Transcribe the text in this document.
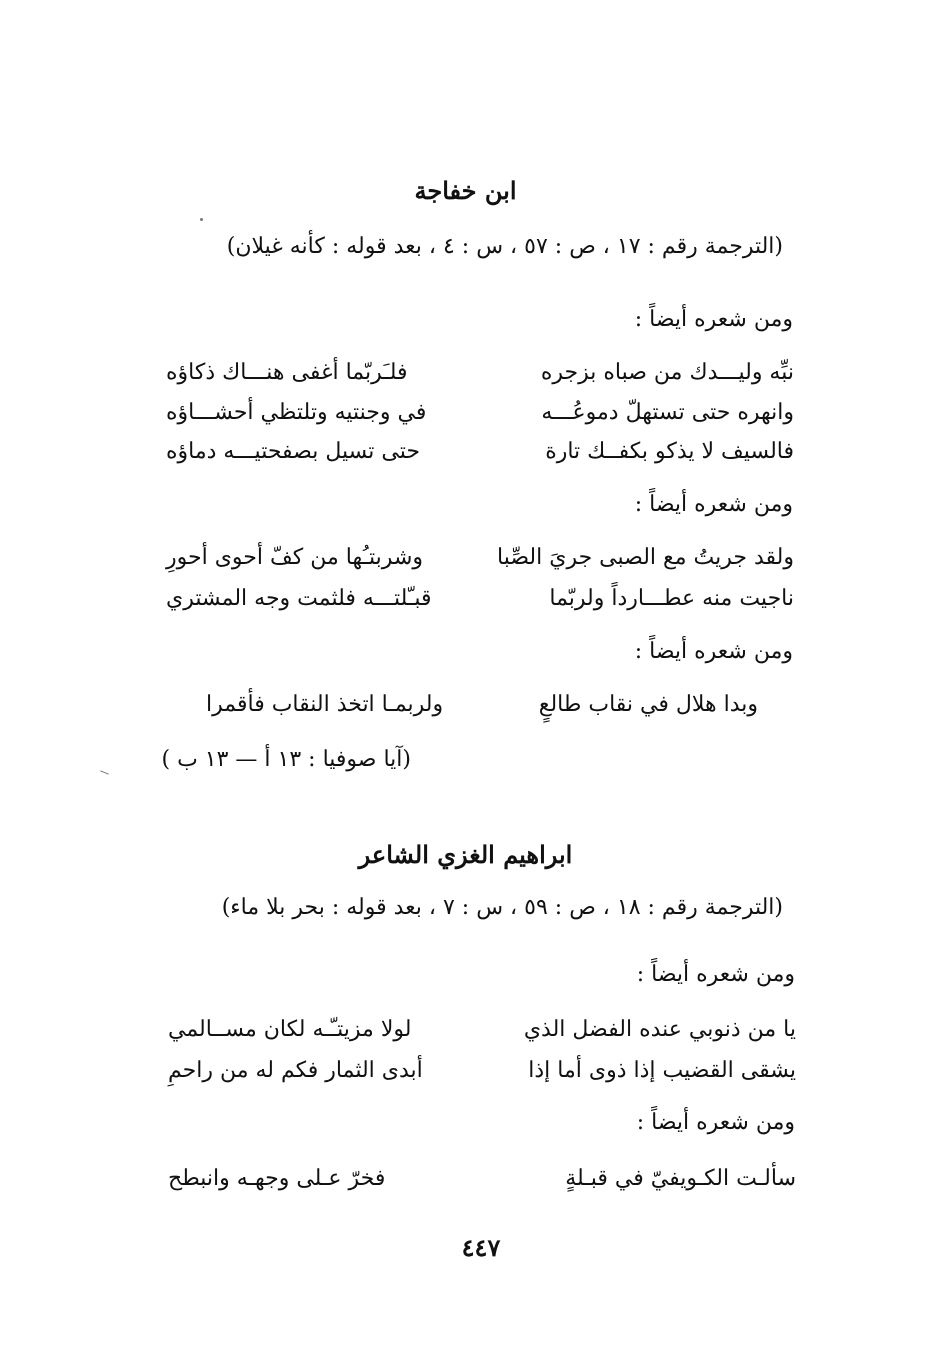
ابن خفاجة
(الترجمة رقم : ١٧ ، ص : ٥٧ ، س : ٤ ، بعد قوله : كأنه غيلان)
ومن شعره أيضاً :
نبِّه وليـــدك من صباه بزجره
فلـَربّما أغفى هنـــاك ذكاؤه
وانهره حتى تستهلّ دموعُـــه
في وجنتيه وتلتظي أحشـــاؤه
فالسيف لا يذكو بكفــك تارة
حتى تسيل بصفحتيـــه دماؤه
ومن شعره أيضاً :
ولقد جريتُ مع الصبى جريَ الصِّبا
وشربتـُها من كفّ أحوى أحورِ
ناجيت منه عطـــارداً ولربّما
قبـّلتـــه فلثمت وجه المشتري
ومن شعره أيضاً :
وبدا هلال في نقاب طالعٍ
ولربمـا اتخذ النقاب فأقمرا
(آيا صوفيا : ١٣ أ — ١٣ ب )
ابراهيم الغزي الشاعر
(الترجمة رقم : ١٨ ، ص : ٥٩ ، س : ٧ ، بعد قوله : بحر بلا ماء)
ومن شعره أيضاً :
يا من ذنوبي عنده الفضل الذي
لولا مزيتـّـه لكان مســالمي
يشقى القضيب إذا ذوى أما إذا
أبدى الثمار فكم له من راحمِ
ومن شعره أيضاً :
سألـت الكـويفيّ في قبـلةٍ
فخرّ عـلى وجهـه وانبطح
٤٤٧
